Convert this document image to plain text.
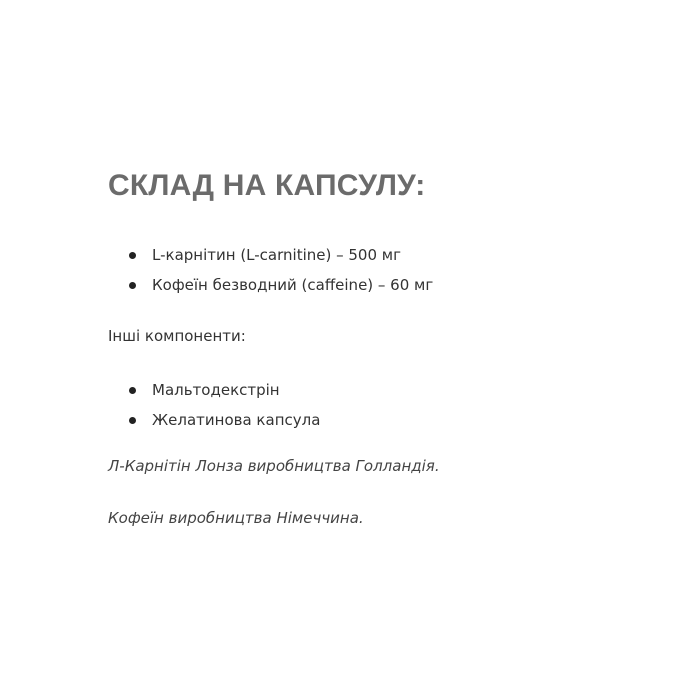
СКЛАД НА КАПСУЛУ:
L-карнітин (L-carnitine) – 500 мг
Кофеїн безводний (caffeine) – 60 мг

Інші компоненти:

Мальтодекстрін
Желатинова капсула

Л-Карнітін Лонза виробництва Голландія.

Кофеїн виробництва Німеччина.
